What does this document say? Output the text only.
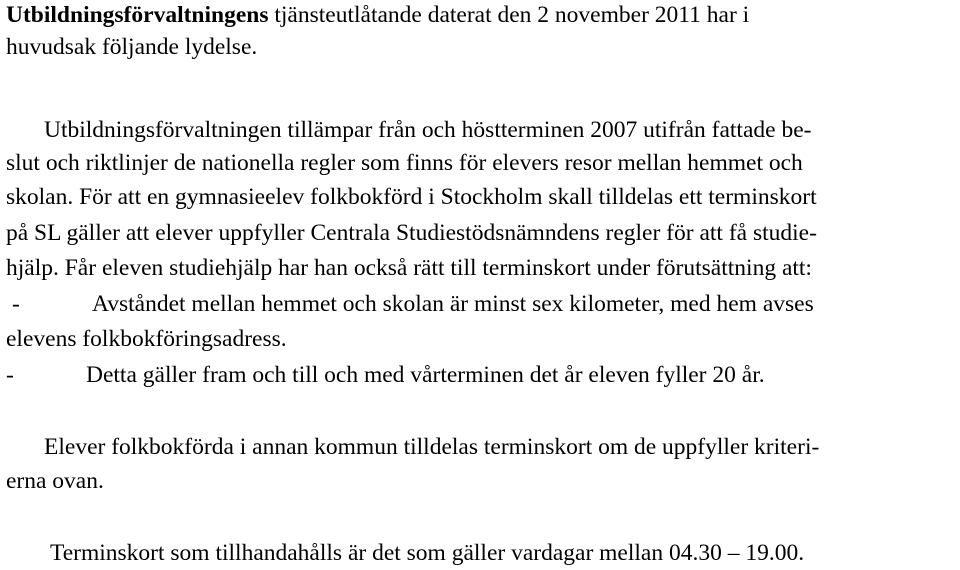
Utbildningsförvaltningens tjänsteutlåtande daterat den 2 november 2011 har i
huvudsak följande lydelse.
Utbildningsförvaltningen tillämpar från och höstterminen 2007 utifrån fattade be-
slut och riktlinjer de nationella regler som finns för elevers resor mellan hemmet och
skolan. För att en gymnasieelev folkbokförd i Stockholm skall tilldelas ett terminskort
på SL gäller att elever uppfyller Centrala Studiestödsnämndens regler för att få studie-
hjälp. Får eleven studiehjälp har han också rätt till terminskort under förutsättning att:
-	Avståndet mellan hemmet och skolan är minst sex kilometer, med hem avses
elevens folkbokföringsadress.
-	Detta gäller fram och till och med vårterminen det år eleven fyller 20 år.
Elever folkbokförda i annan kommun tilldelas terminskort om de uppfyller kriteri-
erna ovan.
Terminskort som tillhandahålls är det som gäller vardagar mellan 04.30 – 19.00.
